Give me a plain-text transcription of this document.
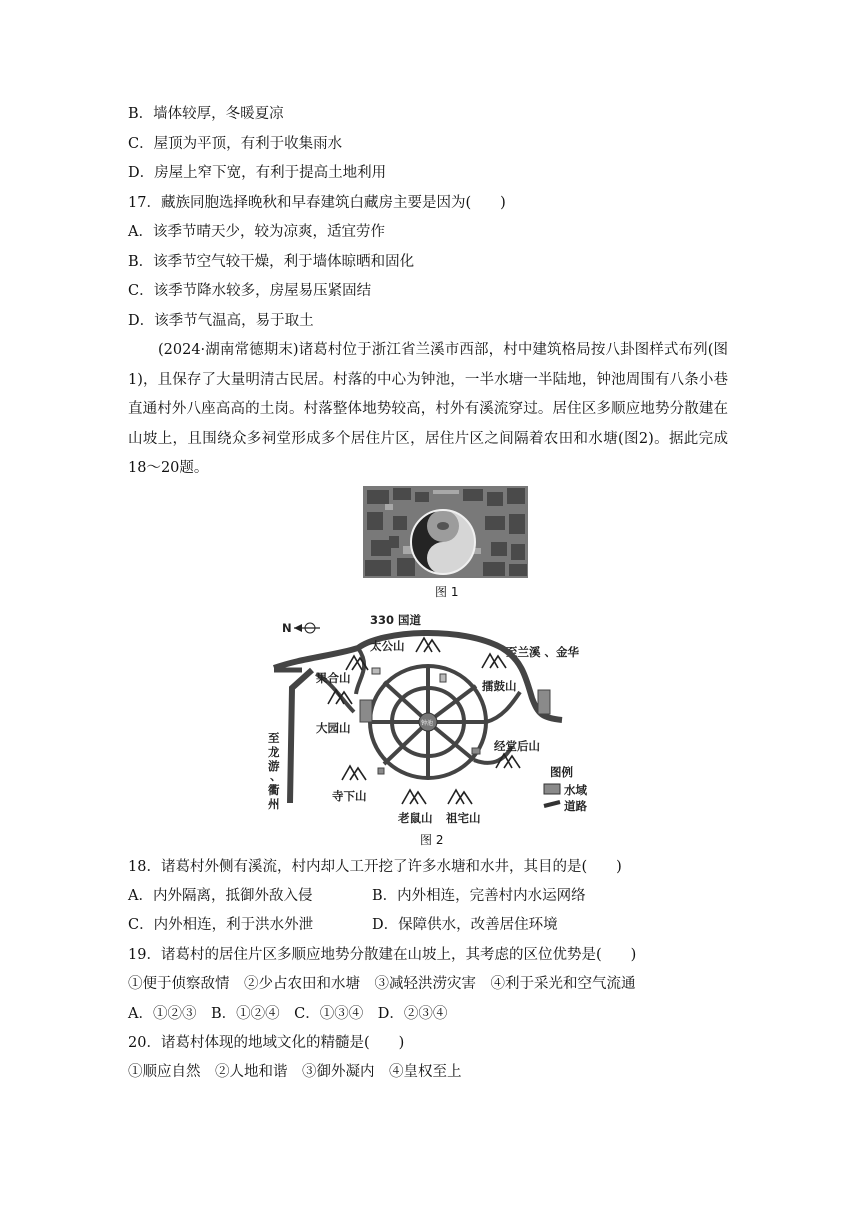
B．墙体较厚，冬暖夏凉
C．屋顶为平顶，有利于收集雨水
D．房屋上窄下宽，有利于提高土地利用
17．藏族同胞选择晚秋和早春建筑白藏房主要是因为(　　)
A．该季节晴天少，较为凉爽，适宜劳作
B．该季节空气较干燥，利于墙体晾晒和固化
C．该季节降水较多，房屋易压紧固结
D．该季节气温高，易于取土
(2024·湖南常德期末)诸葛村位于浙江省兰溪市西部，村中建筑格局按八卦图样式布列(图1)，且保存了大量明清古民居。村落的中心为钟池，一半水塘一半陆地，钟池周围有八条小巷直通村外八座高高的土岗。村落整体地势较高，村外有溪流穿过。居住区多顺应地势分散建在山坡上，且围绕众多祠堂形成多个居住片区，居住片区之间隔着农田和水塘(图2)。据此完成18～20题。
图 1
N
330 国道
至兰溪 、金华
钟池
太公山
果合山
擂鼓山
大园山
经堂后山
寺下山
老鼠山 祖宅山
至
龙
游
、
衢
州
图例
水域
道路
图 2
18．诸葛村外侧有溪流，村内却人工开挖了许多水塘和水井，其目的是(　　)
A．内外隔离，抵御外敌入侵	B．内外相连，完善村内水运网络
C．内外相连，利于洪水外泄	D．保障供水，改善居住环境
19．诸葛村的居住片区多顺应地势分散建在山坡上，其考虑的区位优势是(　　)
①便于侦察敌情　②少占农田和水塘　③减轻洪涝灾害　④利于采光和空气流通
A．①②③　B．①②④　C．①③④　D．②③④
20．诸葛村体现的地域文化的精髓是(　　)
①顺应自然　②人地和谐　③御外凝内　④皇权至上
